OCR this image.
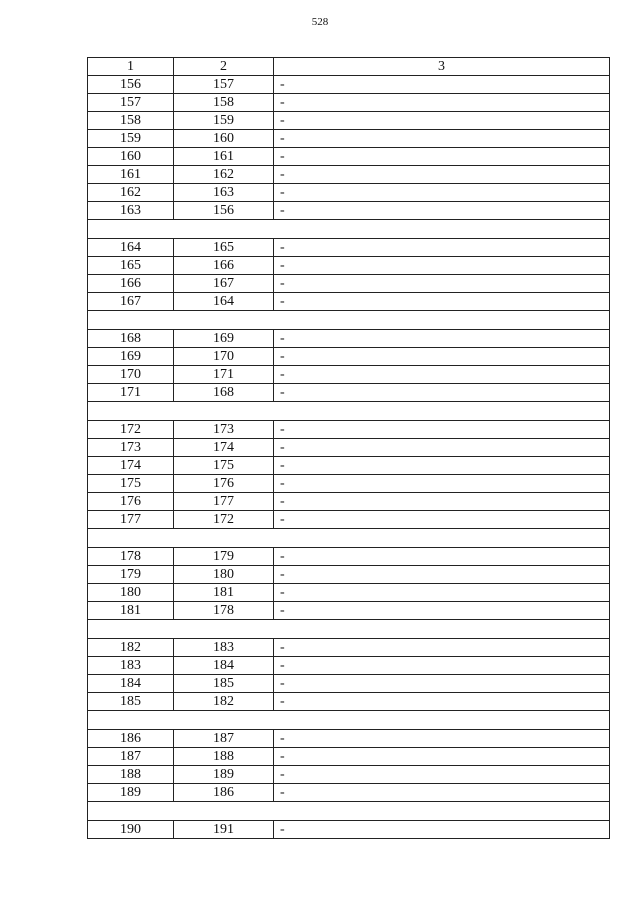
528
1	2	3
156	157	-
157	158	-
158	159	-
159	160	-
160	161	-
161	162	-
162	163	-
163	156	-

164	165	-
165	166	-
166	167	-
167	164	-

168	169	-
169	170	-
170	171	-
171	168	-

172	173	-
173	174	-
174	175	-
175	176	-
176	177	-
177	172	-

178	179	-
179	180	-
180	181	-
181	178	-

182	183	-
183	184	-
184	185	-
185	182	-

186	187	-
187	188	-
188	189	-
189	186	-

190	191	-
